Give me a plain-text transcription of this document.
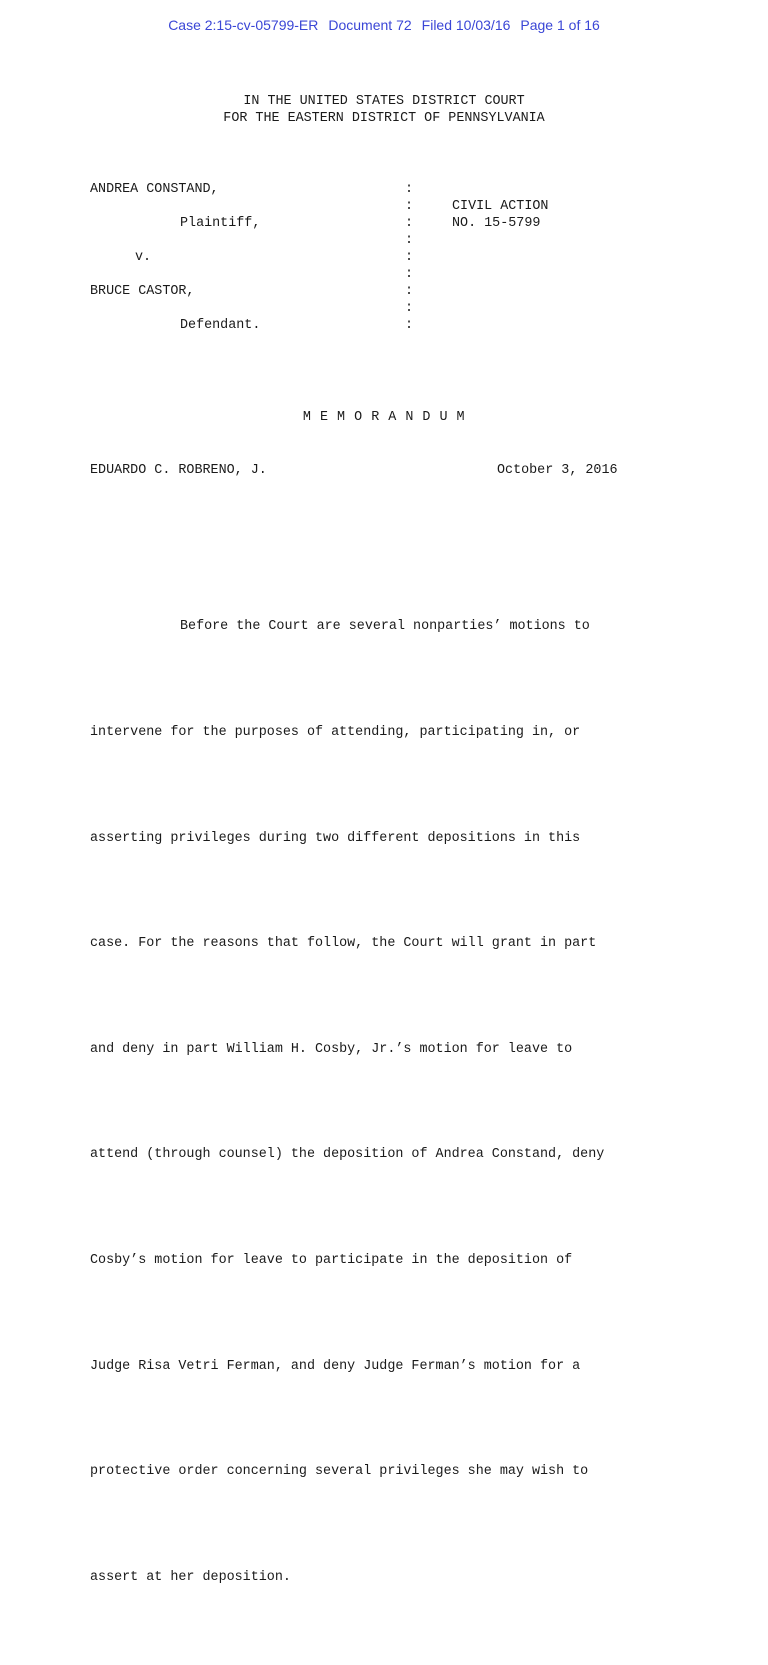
Case 2:15-cv-05799-ER Document 72 Filed 10/03/16 Page 1 of 16
IN THE UNITED STATES DISTRICT COURT
FOR THE EASTERN DISTRICT OF PENNSYLVANIA
ANDREA CONSTAND,

Plaintiff,

v.

BRUCE CASTOR,

Defendant.
:
:
:
:
:
:
:
:
:
CIVIL ACTION
NO. 15-5799
M E M O R A N D U M
EDUARDO C. ROBRENO, J.	October 3, 2016

Before the Court are several nonparties’ motions to

intervene for the purposes of attending, participating in, or

asserting privileges during two different depositions in this

case. For the reasons that follow, the Court will grant in part

and deny in part William H. Cosby, Jr.’s motion for leave to

attend (through counsel) the deposition of Andrea Constand, deny

Cosby’s motion for leave to participate in the deposition of

Judge Risa Vetri Ferman, and deny Judge Ferman’s motion for a

protective order concerning several privileges she may wish to

assert at her deposition.
